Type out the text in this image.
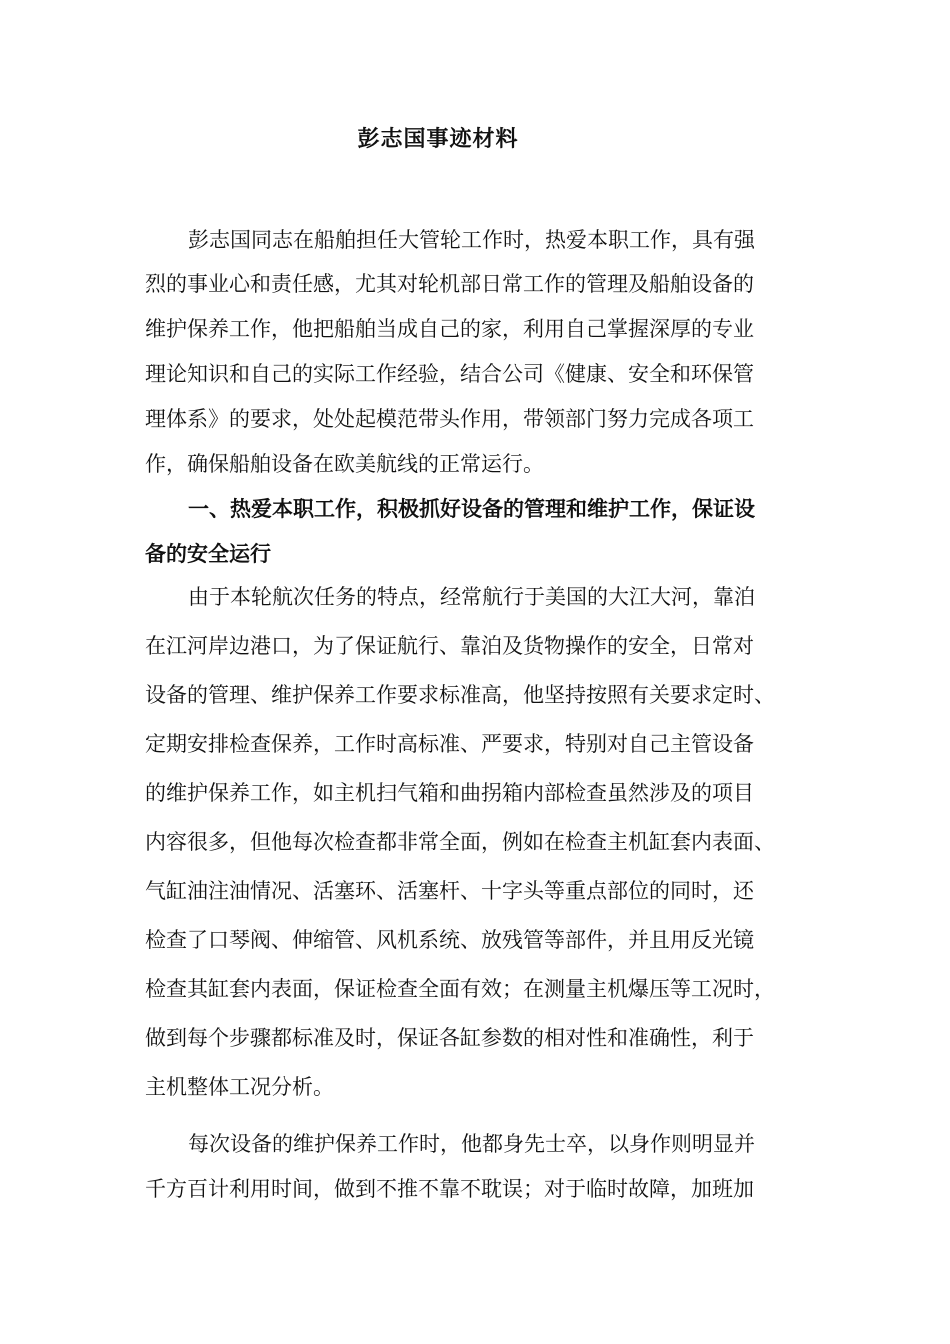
彭志国事迹材料
彭志国同志在船舶担任大管轮工作时，热爱本职工作，具有强
烈的事业心和责任感，尤其对轮机部日常工作的管理及船舶设备的
维护保养工作，他把船舶当成自己的家，利用自己掌握深厚的专业
理论知识和自己的实际工作经验，结合公司《健康、安全和环保管
理体系》的要求，处处起模范带头作用，带领部门努力完成各项工
作，确保船舶设备在欧美航线的正常运行。
一、热爱本职工作，积极抓好设备的管理和维护工作，保证设
备的安全运行
由于本轮航次任务的特点，经常航行于美国的大江大河，靠泊
在江河岸边港口，为了保证航行、靠泊及货物操作的安全，日常对
设备的管理、维护保养工作要求标准高，他坚持按照有关要求定时、
定期安排检查保养，工作时高标准、严要求，特别对自己主管设备
的维护保养工作，如主机扫气箱和曲拐箱内部检查虽然涉及的项目
内容很多，但他每次检查都非常全面，例如在检查主机缸套内表面、
气缸油注油情况、活塞环、活塞杆、十字头等重点部位的同时，还
检查了口琴阀、伸缩管、风机系统、放残管等部件，并且用反光镜
检查其缸套内表面，保证检查全面有效；在测量主机爆压等工况时，
做到每个步骤都标准及时，保证各缸参数的相对性和准确性，利于
主机整体工况分析。
每次设备的维护保养工作时，他都身先士卒，以身作则明显并
千方百计利用时间，做到不推不靠不耽误；对于临时故障，加班加
